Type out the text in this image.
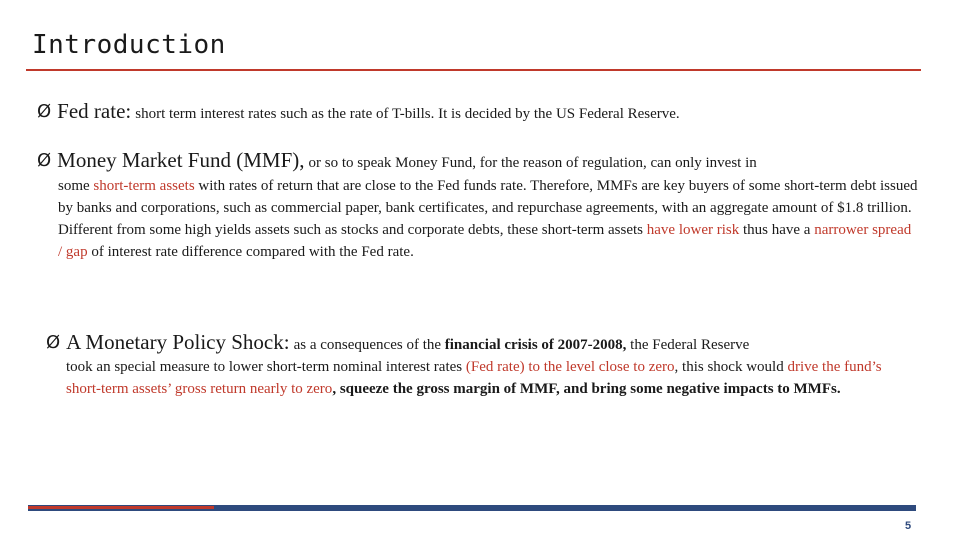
Introduction
Ø Fed rate: short term interest rates such as the rate of T-bills. It is decided by the US Federal Reserve.
Ø Money Market Fund (MMF), or so to speak Money Fund, for the reason of regulation, can only invest in

some short-term assets with rates of return that are close to the Fed funds rate. Therefore, MMFs are key buyers of some short-term debt issued by banks and corporations, such as commercial paper, bank certificates, and repurchase agreements, with an aggregate amount of $1.8 trillion. Different from some high yields assets such as stocks and corporate debts, these short-term assets have lower risk thus have a narrower spread / gap of interest rate difference compared with the Fed rate.

Ø A Monetary Policy Shock: as a consequences of the financial crisis of 2007-2008, the Federal Reserve

took an special measure to lower short-term nominal interest rates (Fed rate) to the level close to zero, this shock would drive the fund’s short-term assets’ gross return nearly to zero, squeeze the gross margin of MMF, and bring some negative impacts to MMFs.

5
